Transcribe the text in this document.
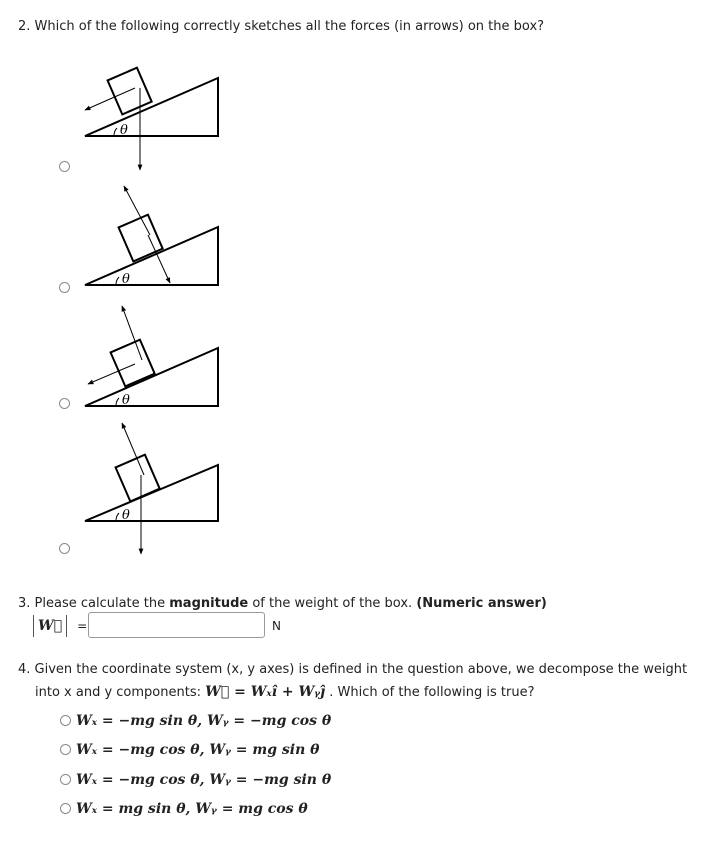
2. Which of the following correctly sketches all the forces (in arrows) on the box?
θ
θ
θ
θ
3. Please calculate the magnitude of the weight of the box. (Numeric answer)
W⃗	=	N
4. Given the coordinate system (x, y axes) is defined in the question above, we decompose the weight
into x and y components: W⃗ = Wₓî + Wᵧĵ . Which of the following is true?
Wₓ = −mg sin θ, Wᵧ = −mg cos θ
Wₓ = −mg cos θ, Wᵧ = mg sin θ
Wₓ = −mg cos θ, Wᵧ = −mg sin θ
Wₓ = mg sin θ, Wᵧ = mg cos θ
